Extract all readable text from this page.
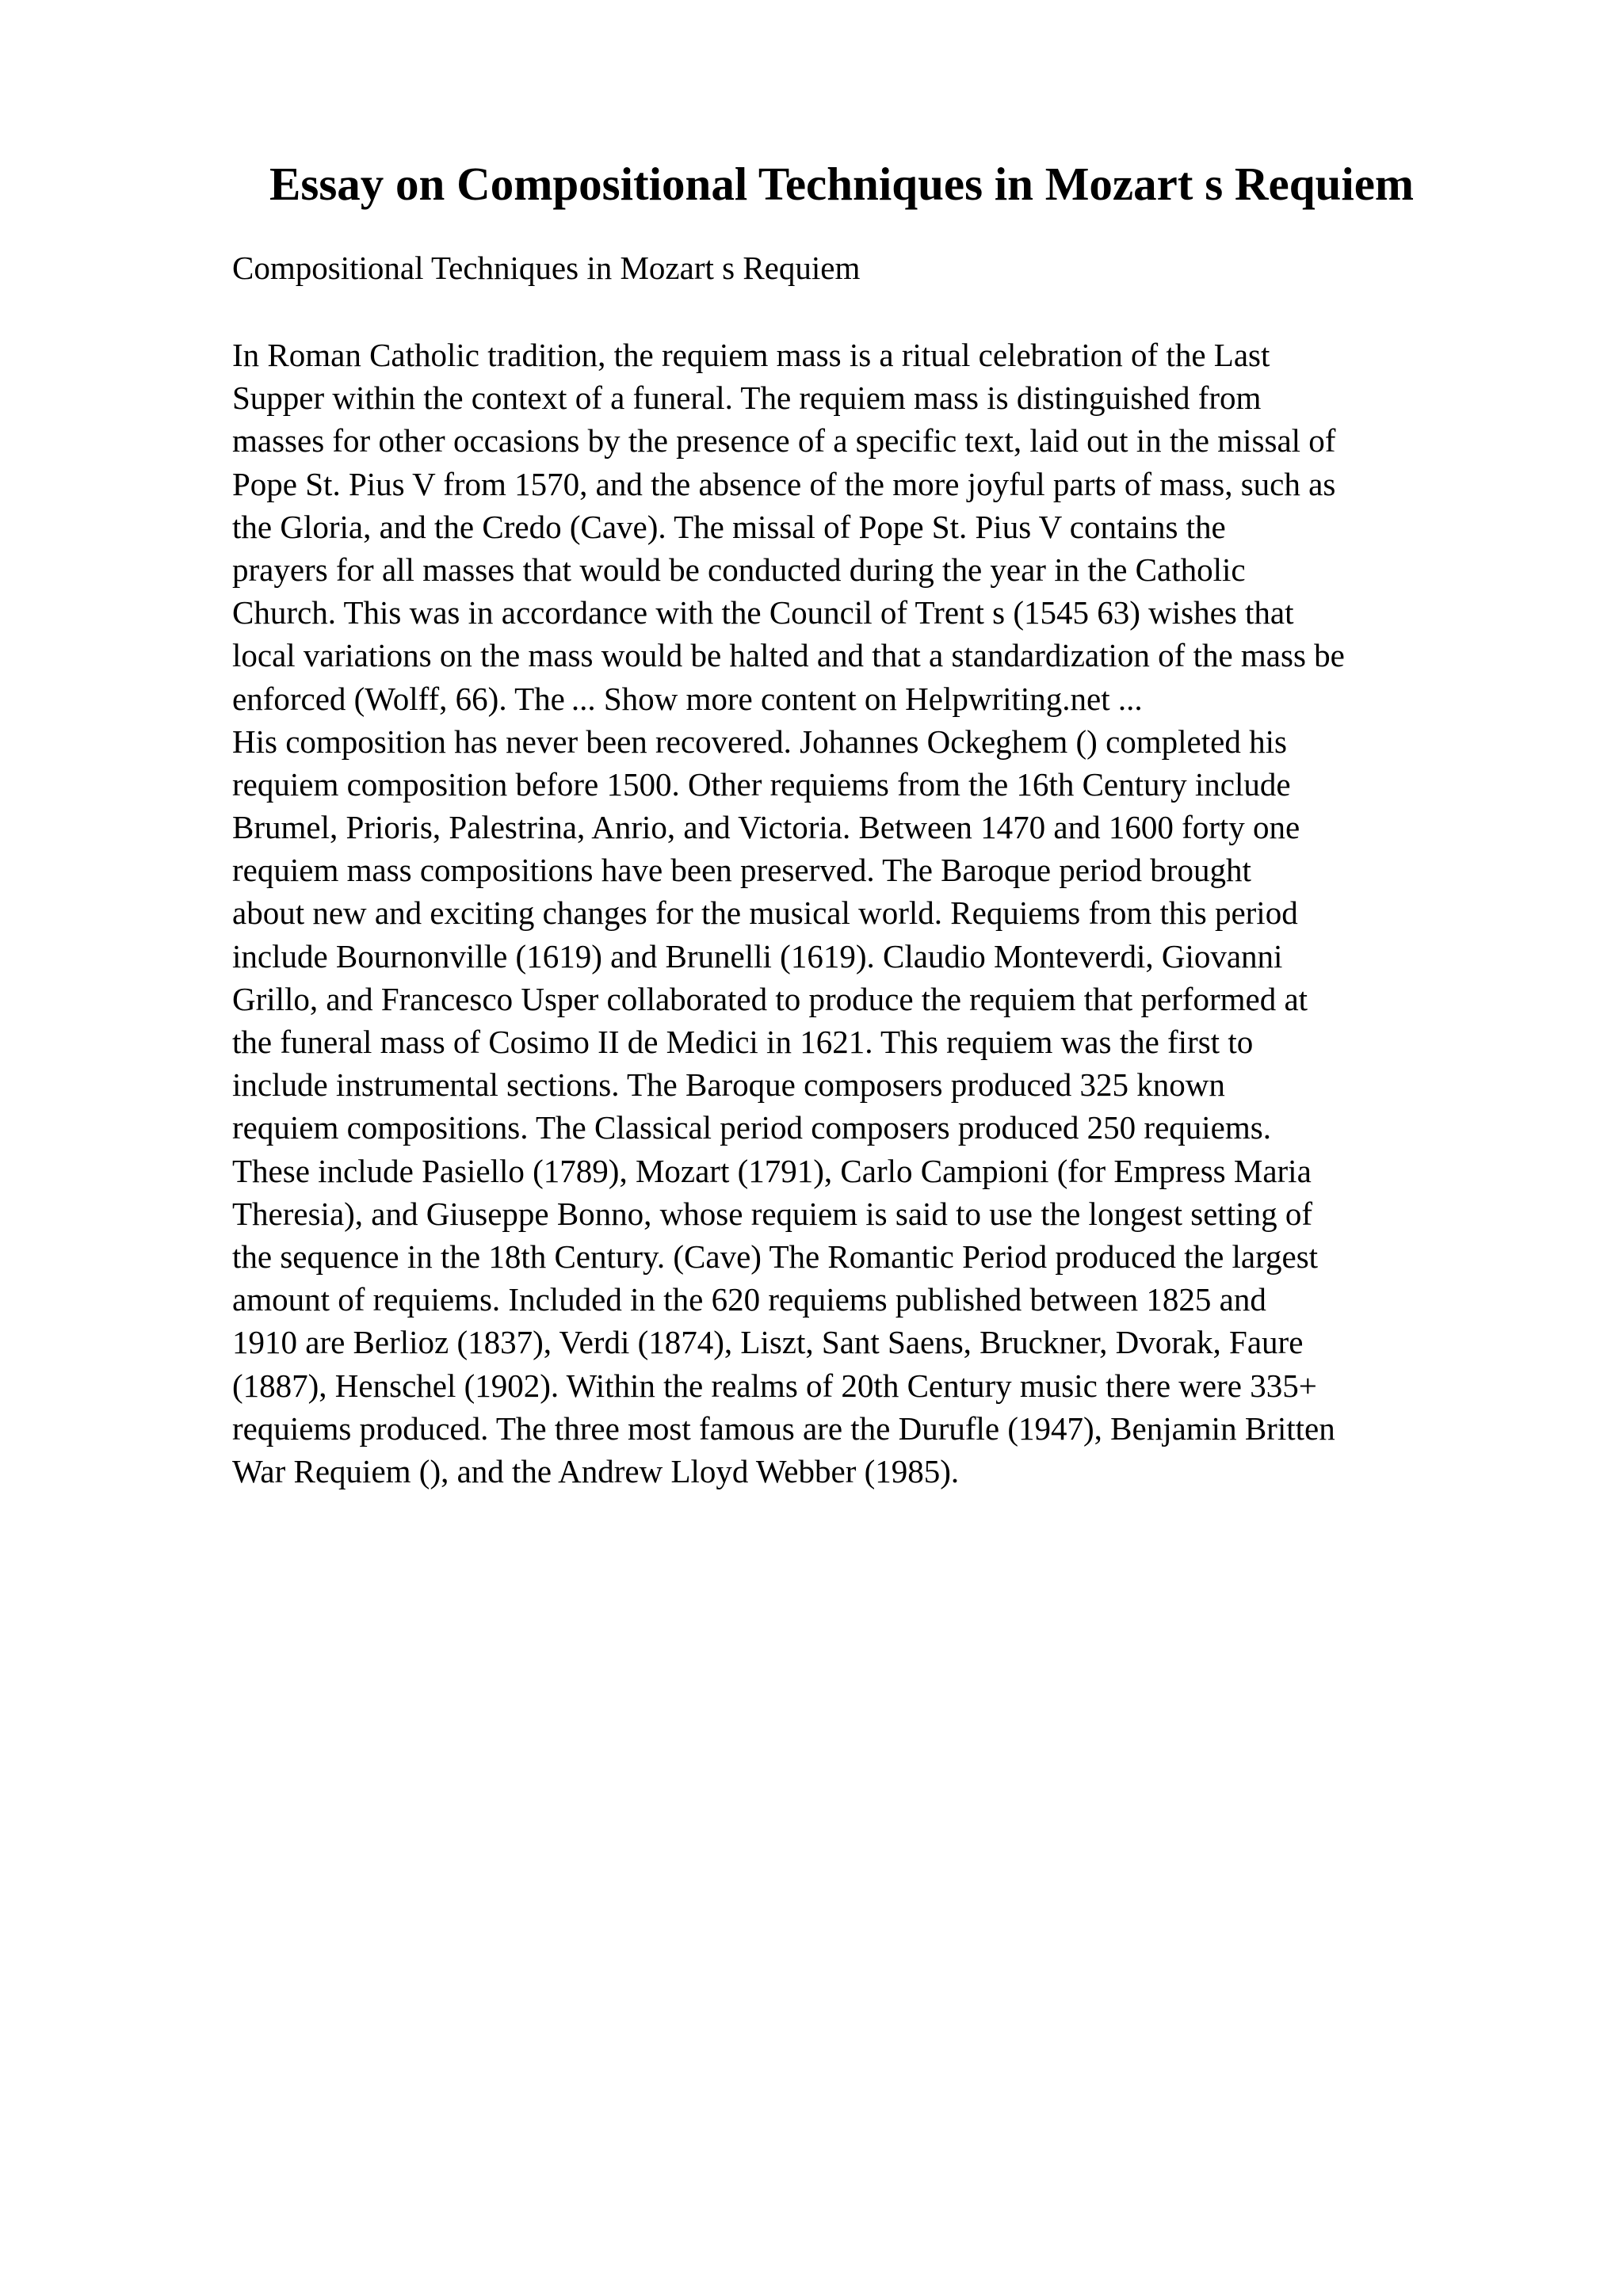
Essay on Compositional Techniques in Mozart s Requiem

Compositional Techniques in Mozart s Requiem

In Roman Catholic tradition, the requiem mass is a ritual celebration of the Last
Supper within the context of a funeral. The requiem mass is distinguished from
masses for other occasions by the presence of a specific text, laid out in the missal of
Pope St. Pius V from 1570, and the absence of the more joyful parts of mass, such as
the Gloria, and the Credo (Cave). The missal of Pope St. Pius V contains the
prayers for all masses that would be conducted during the year in the Catholic
Church. This was in accordance with the Council of Trent s (1545 63) wishes that
local variations on the mass would be halted and that a standardization of the mass be
enforced (Wolff, 66). The ... Show more content on Helpwriting.net ...
His composition has never been recovered. Johannes Ockeghem () completed his
requiem composition before 1500. Other requiems from the 16th Century include
Brumel, Prioris, Palestrina, Anrio, and Victoria. Between 1470 and 1600 forty one
requiem mass compositions have been preserved. The Baroque period brought
about new and exciting changes for the musical world. Requiems from this period
include Bournonville (1619) and Brunelli (1619). Claudio Monteverdi, Giovanni
Grillo, and Francesco Usper collaborated to produce the requiem that performed at
the funeral mass of Cosimo II de Medici in 1621. This requiem was the first to
include instrumental sections. The Baroque composers produced 325 known
requiem compositions. The Classical period composers produced 250 requiems.
These include Pasiello (1789), Mozart (1791), Carlo Campioni (for Empress Maria
Theresia), and Giuseppe Bonno, whose requiem is said to use the longest setting of
the sequence in the 18th Century. (Cave) The Romantic Period produced the largest
amount of requiems. Included in the 620 requiems published between 1825 and
1910 are Berlioz (1837), Verdi (1874), Liszt, Sant Saens, Bruckner, Dvorak, Faure
(1887), Henschel (1902). Within the realms of 20th Century music there were 335+
requiems produced. The three most famous are the Durufle (1947), Benjamin Britten
War Requiem (), and the Andrew Lloyd Webber (1985).
